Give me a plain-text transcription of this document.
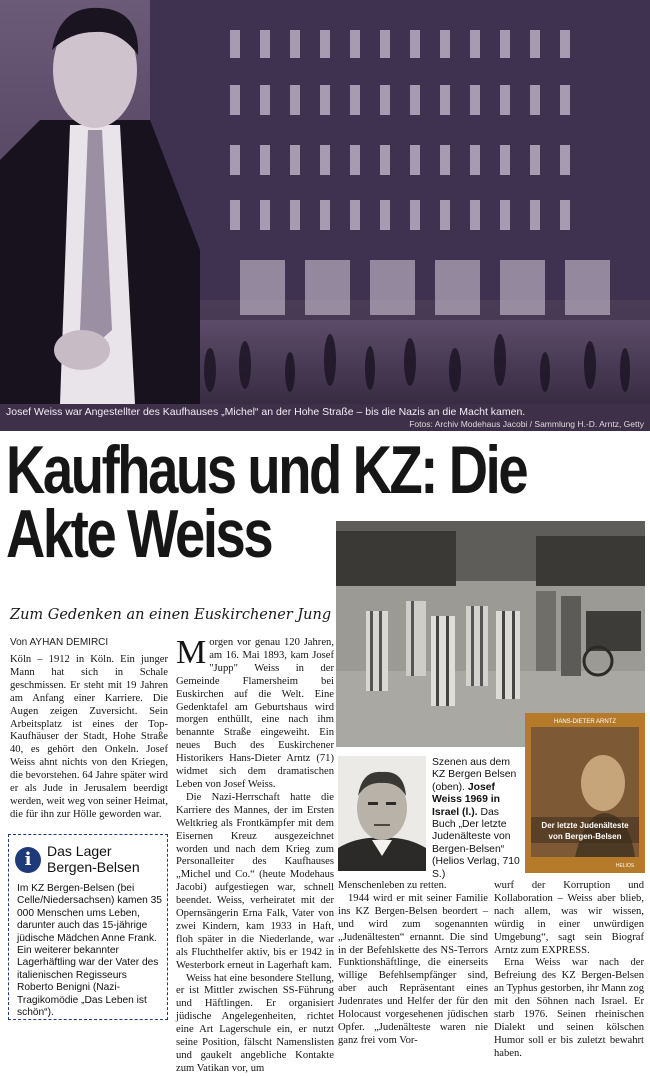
Josef Weiss war Angestellter des Kaufhauses „Michel“ an der Hohe Straße – bis die Nazis an die Macht kamen.
Fotos: Archiv Modehaus Jacobi / Sammlung H.-D. Arntz, Getty
Kaufhaus und KZ: Die
Akte Weiss
Zum Gedenken an einen Euskirchener Jung
Von AYHAN DEMIRCI

Köln – 1912 in Köln. Ein junger Mann hat sich in Schale geschmissen. Er steht mit 19 Jahren am Anfang einer Karriere. Die Augen zeigen Zuversicht. Sein Arbeitsplatz ist eines der Top-Kaufhäuser der Stadt, Hohe Straße 40, es gehört den Onkeln. Josef Weiss ahnt nichts von den Kriegen, die bevorstehen. 64 Jahre später wird er als Jude in Jerusalem beerdigt werden, weit weg von seiner Heimat, die für ihn zur Hölle geworden war.

i	Das Lager
Bergen-Belsen
Im KZ Bergen-Belsen (bei Celle/Niedersachsen) kamen 35 000 Menschen ums Leben, darunter auch das 15-jährige jüdische Mädchen Anne Frank. Ein weiterer bekannter Lagerhäftling war der Vater des italienischen Regisseurs Roberto Benigni (Nazi-Tragikomödie „Das Leben ist schön“).

Morgen vor genau 120 Jahren, am 16. Mai 1893, kam Josef "Jupp" Weiss in der Gemeinde Flamersheim bei Euskirchen auf die Welt. Eine Gedenktafel am Geburtshaus wird morgen enthüllt, eine nach ihm benannte Straße eingeweiht. Ein neues Buch des Euskirchener Historikers Hans-Dieter Arntz (71) widmet sich dem dramatischen Leben von Josef Weiss.

Die Nazi-Herrschaft hatte die Karriere des Mannes, der im Ersten Weltkrieg als Frontkämpfer mit dem Eisernen Kreuz ausgezeichnet worden und nach dem Krieg zum Personalleiter des Kaufhauses „Michel und Co.“ (heute Modehaus Jacobi) aufgestiegen war, schnell beendet. Weiss, verheiratet mit der Opernsängerin Erna Falk, Vater von zwei Kindern, kam 1933 in Haft, floh später in die Niederlande, war als Fluchthelfer aktiv, bis er 1942 in Westerbork erneut in Lagerhaft kam.

Weiss hat eine besondere Stellung, er ist Mittler zwischen SS-Führung und Häftlingen. Er organisiert jüdische Angelegenheiten, richtet eine Art Lagerschule ein, er nutzt seine Position, fälscht Namenslisten und gaukelt angebliche Kontakte zum Vatikan vor, um

Szenen aus dem KZ Bergen Belsen (oben). Josef Weiss 1969 in Israel (l.). Das Buch „Der letzte Judenälteste von Bergen-Belsen“ (Helios Verlag, 710 S.)
HANS-DIETER ARNTZ
Der letzte Judenälteste
von Bergen-Belsen
HELIOS

Menschenleben zu retten.

1944 wird er mit seiner Familie ins KZ Bergen-Belsen beordert – und wird zum sogenannten „Judenältesten“ ernannt. Die sind in der Befehlskette des NS-Terrors Funktionshäftlinge, die einerseits willige Befehlsempfänger sind, aber auch Repräsentant eines Judenrates und Helfer der für den Holocaust vorgesehenen jüdischen Opfer. „Judenälteste waren nie ganz frei vom Vor-

wurf der Korruption und Kollaboration – Weiss aber blieb, nach allem, was wir wissen, würdig in einer unwürdigen Umgebung“, sagt sein Biograf Arntz zum EXPRESS.

Erna Weiss war nach der Befreiung des KZ Bergen-Belsen an Typhus gestorben, ihr Mann zog mit den Söhnen nach Israel. Er starb 1976. Seinen rheinischen Dialekt und seinen kölschen Humor soll er bis zuletzt bewahrt haben.
